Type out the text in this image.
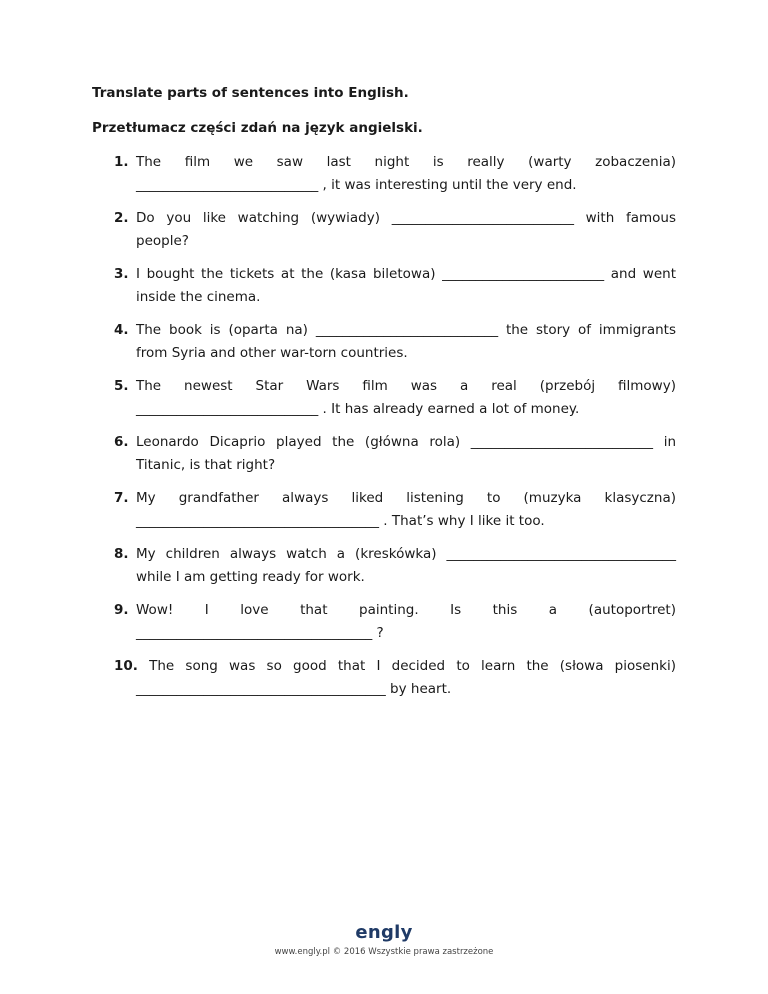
Translate parts of sentences into English.
Przetłumacz części zdań na język angielski.
1. The film we saw last night is really (warty zobaczenia) ___________________________ , it was interesting until the very end.
2. Do you like watching (wywiady) ___________________________ with famous people?
3. I bought the tickets at the (kasa biletowa) ________________________ and went inside the cinema.
4. The book is (oparta na) ___________________________ the story of immigrants from Syria and other war-torn countries.
5. The newest Star Wars film was a real (przebój filmowy) ___________________________ . It has already earned a lot of money.
6. Leonardo Dicaprio played the (główna rola) ___________________________ in Titanic, is that right?
7. My grandfather always liked listening to (muzyka klasyczna) ____________________________________ . That’s why I like it too.
8. My children always watch a (kreskówka) __________________________________ while I am getting ready for work.
9. Wow! I love that painting. Is this a (autoportret) ___________________________________ ?
10. The song was so good that I decided to learn the (słowa piosenki) _____________________________________ by heart.
engly
www.engly.pl © 2016 Wszystkie prawa zastrzeżone
